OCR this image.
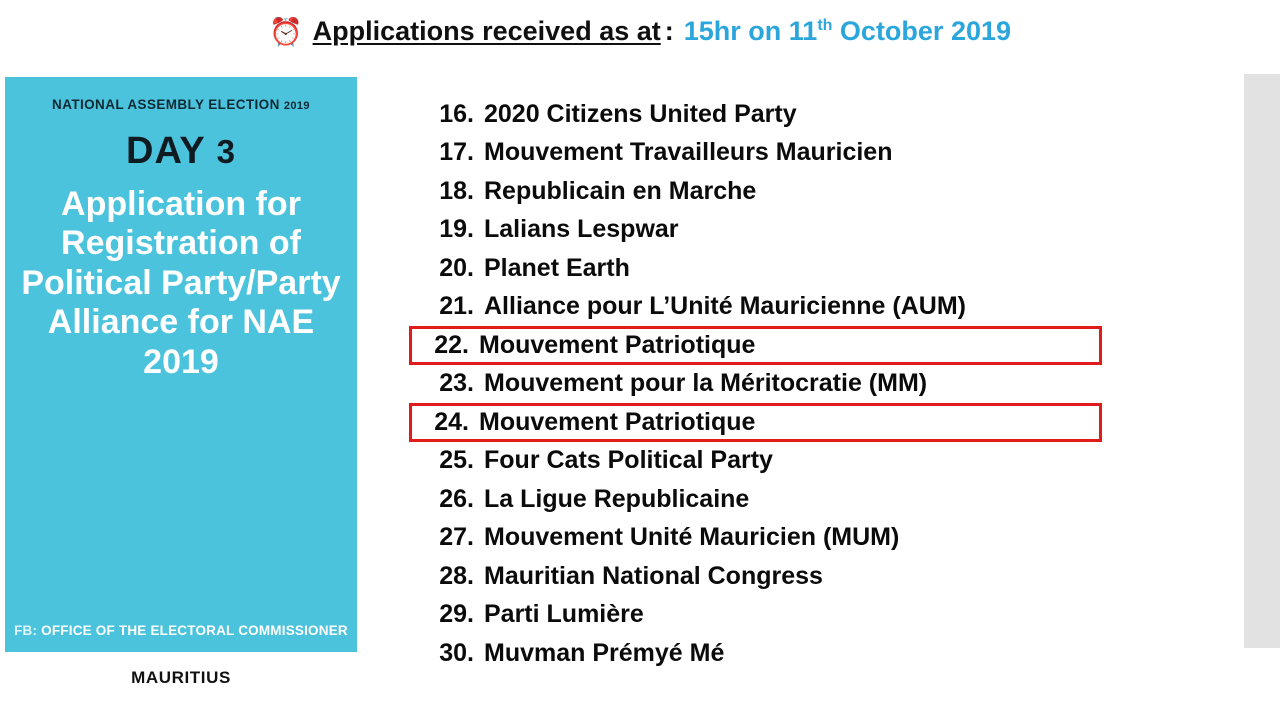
⏰ Applications received as at : 15hr on 11th October 2019
NATIONAL ASSEMBLY ELECTION 2019
DAY 3
Application for Registration of Political Party/Party Alliance for NAE 2019
FB: OFFICE OF THE ELECTORAL COMMISSIONER
MAURITIUS
16. 2020 Citizens United Party
17. Mouvement Travailleurs Mauricien
18. Republicain en Marche
19. Lalians Lespwar
20. Planet Earth
21. Alliance pour L’Unité Mauricienne (AUM)
22. Mouvement Patriotique
23. Mouvement pour la Méritocratie (MM)
24. Mouvement Patriotique
25. Four Cats Political Party
26. La Ligue Republicaine
27. Mouvement Unité Mauricien (MUM)
28. Mauritian National Congress
29. Parti Lumière
30. Muvman Prémyé Mé
